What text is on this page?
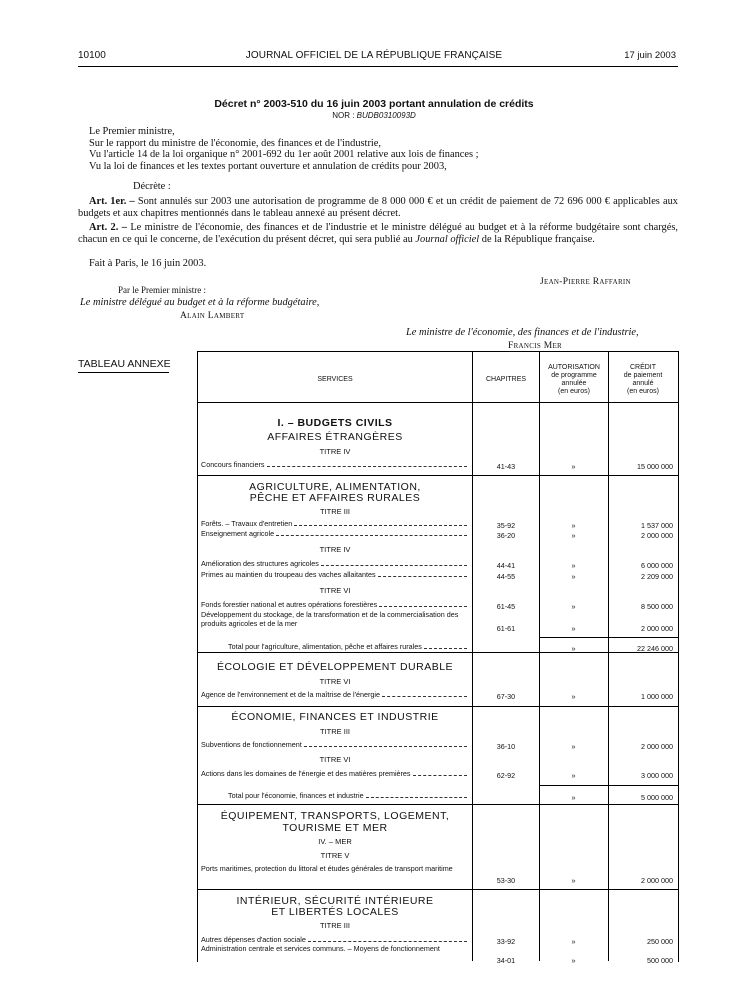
10100	JOURNAL OFFICIEL DE LA RÉPUBLIQUE FRANÇAISE	17 juin 2003
Décret n° 2003-510 du 16 juin 2003 portant annulation de crédits
NOR : BUDB0310093D
Le Premier ministre,
Sur le rapport du ministre de l'économie, des finances et de l'industrie,
Vu l'article 14 de la loi organique n° 2001-692 du 1er août 2001 relative aux lois de finances ;
Vu la loi de finances et les textes portant ouverture et annulation de crédits pour 2003,
Décrète :
Art. 1er. – Sont annulés sur 2003 une autorisation de programme de 8 000 000 € et un crédit de paiement de 72 696 000 € applicables aux budgets et aux chapitres mentionnés dans le tableau annexé au présent décret.
Art. 2. – Le ministre de l'économie, des finances et de l'industrie et le ministre délégué au budget et à la réforme budgétaire sont chargés, chacun en ce qui le concerne, de l'exécution du présent décret, qui sera publié au Journal officiel de la République française.
Fait à Paris, le 16 juin 2003.
Jean-Pierre Raffarin
Par le Premier ministre :
Le ministre délégué au budget et à la réforme budgétaire,
Alain Lambert
Le ministre de l'économie, des finances et de l'industrie,
Francis Mer
TABLEAU ANNEXE
SERVICES	CHAPITRES
AUTORISATION
de programme
annulée
(en euros)
CRÉDIT
de paiement
annulé
(en euros)
I. – BUDGETS CIVILS
AFFAIRES ÉTRANGÈRES
TITRE IV
Concours financiers	41-43	»	15 000 000
AGRICULTURE, ALIMENTATION,
PÊCHE ET AFFAIRES RURALES
TITRE III
Forêts. – Travaux d'entretien	35-92	»	1 537 000
Enseignement agricole	36-20	»	2 000 000
TITRE IV
Amélioration des structures agricoles	44-41	»	6 000 000
Primes au maintien du troupeau des vaches allaitantes	44-55	»	2 209 000
TITRE VI
Fonds forestier national et autres opérations forestières	61-45	»	8 500 000
Développement du stockage, de la transformation et de la commercialisation des produits agricoles et de la mer
61-61	»	2 000 000
Total pour l'agriculture, alimentation, pêche et affaires rurales	»	22 246 000
ÉCOLOGIE ET DÉVELOPPEMENT DURABLE
TITRE VI
Agence de l'environnement et de la maîtrise de l'énergie	67-30	»	1 000 000
ÉCONOMIE, FINANCES ET INDUSTRIE
TITRE III
Subventions de fonctionnement	36-10	»	2 000 000
TITRE VI
Actions dans les domaines de l'énergie et des matières premières	62-92	»	3 000 000
Total pour l'économie, finances et industrie	»	5 000 000
ÉQUIPEMENT, TRANSPORTS, LOGEMENT,
TOURISME ET MER
IV. – MER
TITRE V
Ports maritimes, protection du littoral et études générales de transport maritime
53-30	»	2 000 000
INTÉRIEUR, SÉCURITÉ INTÉRIEURE
ET LIBERTÉS LOCALES
TITRE III
Autres dépenses d'action sociale	33-92	»	250 000
Administration centrale et services communs. – Moyens de fonctionnement
34-01	»	500 000
